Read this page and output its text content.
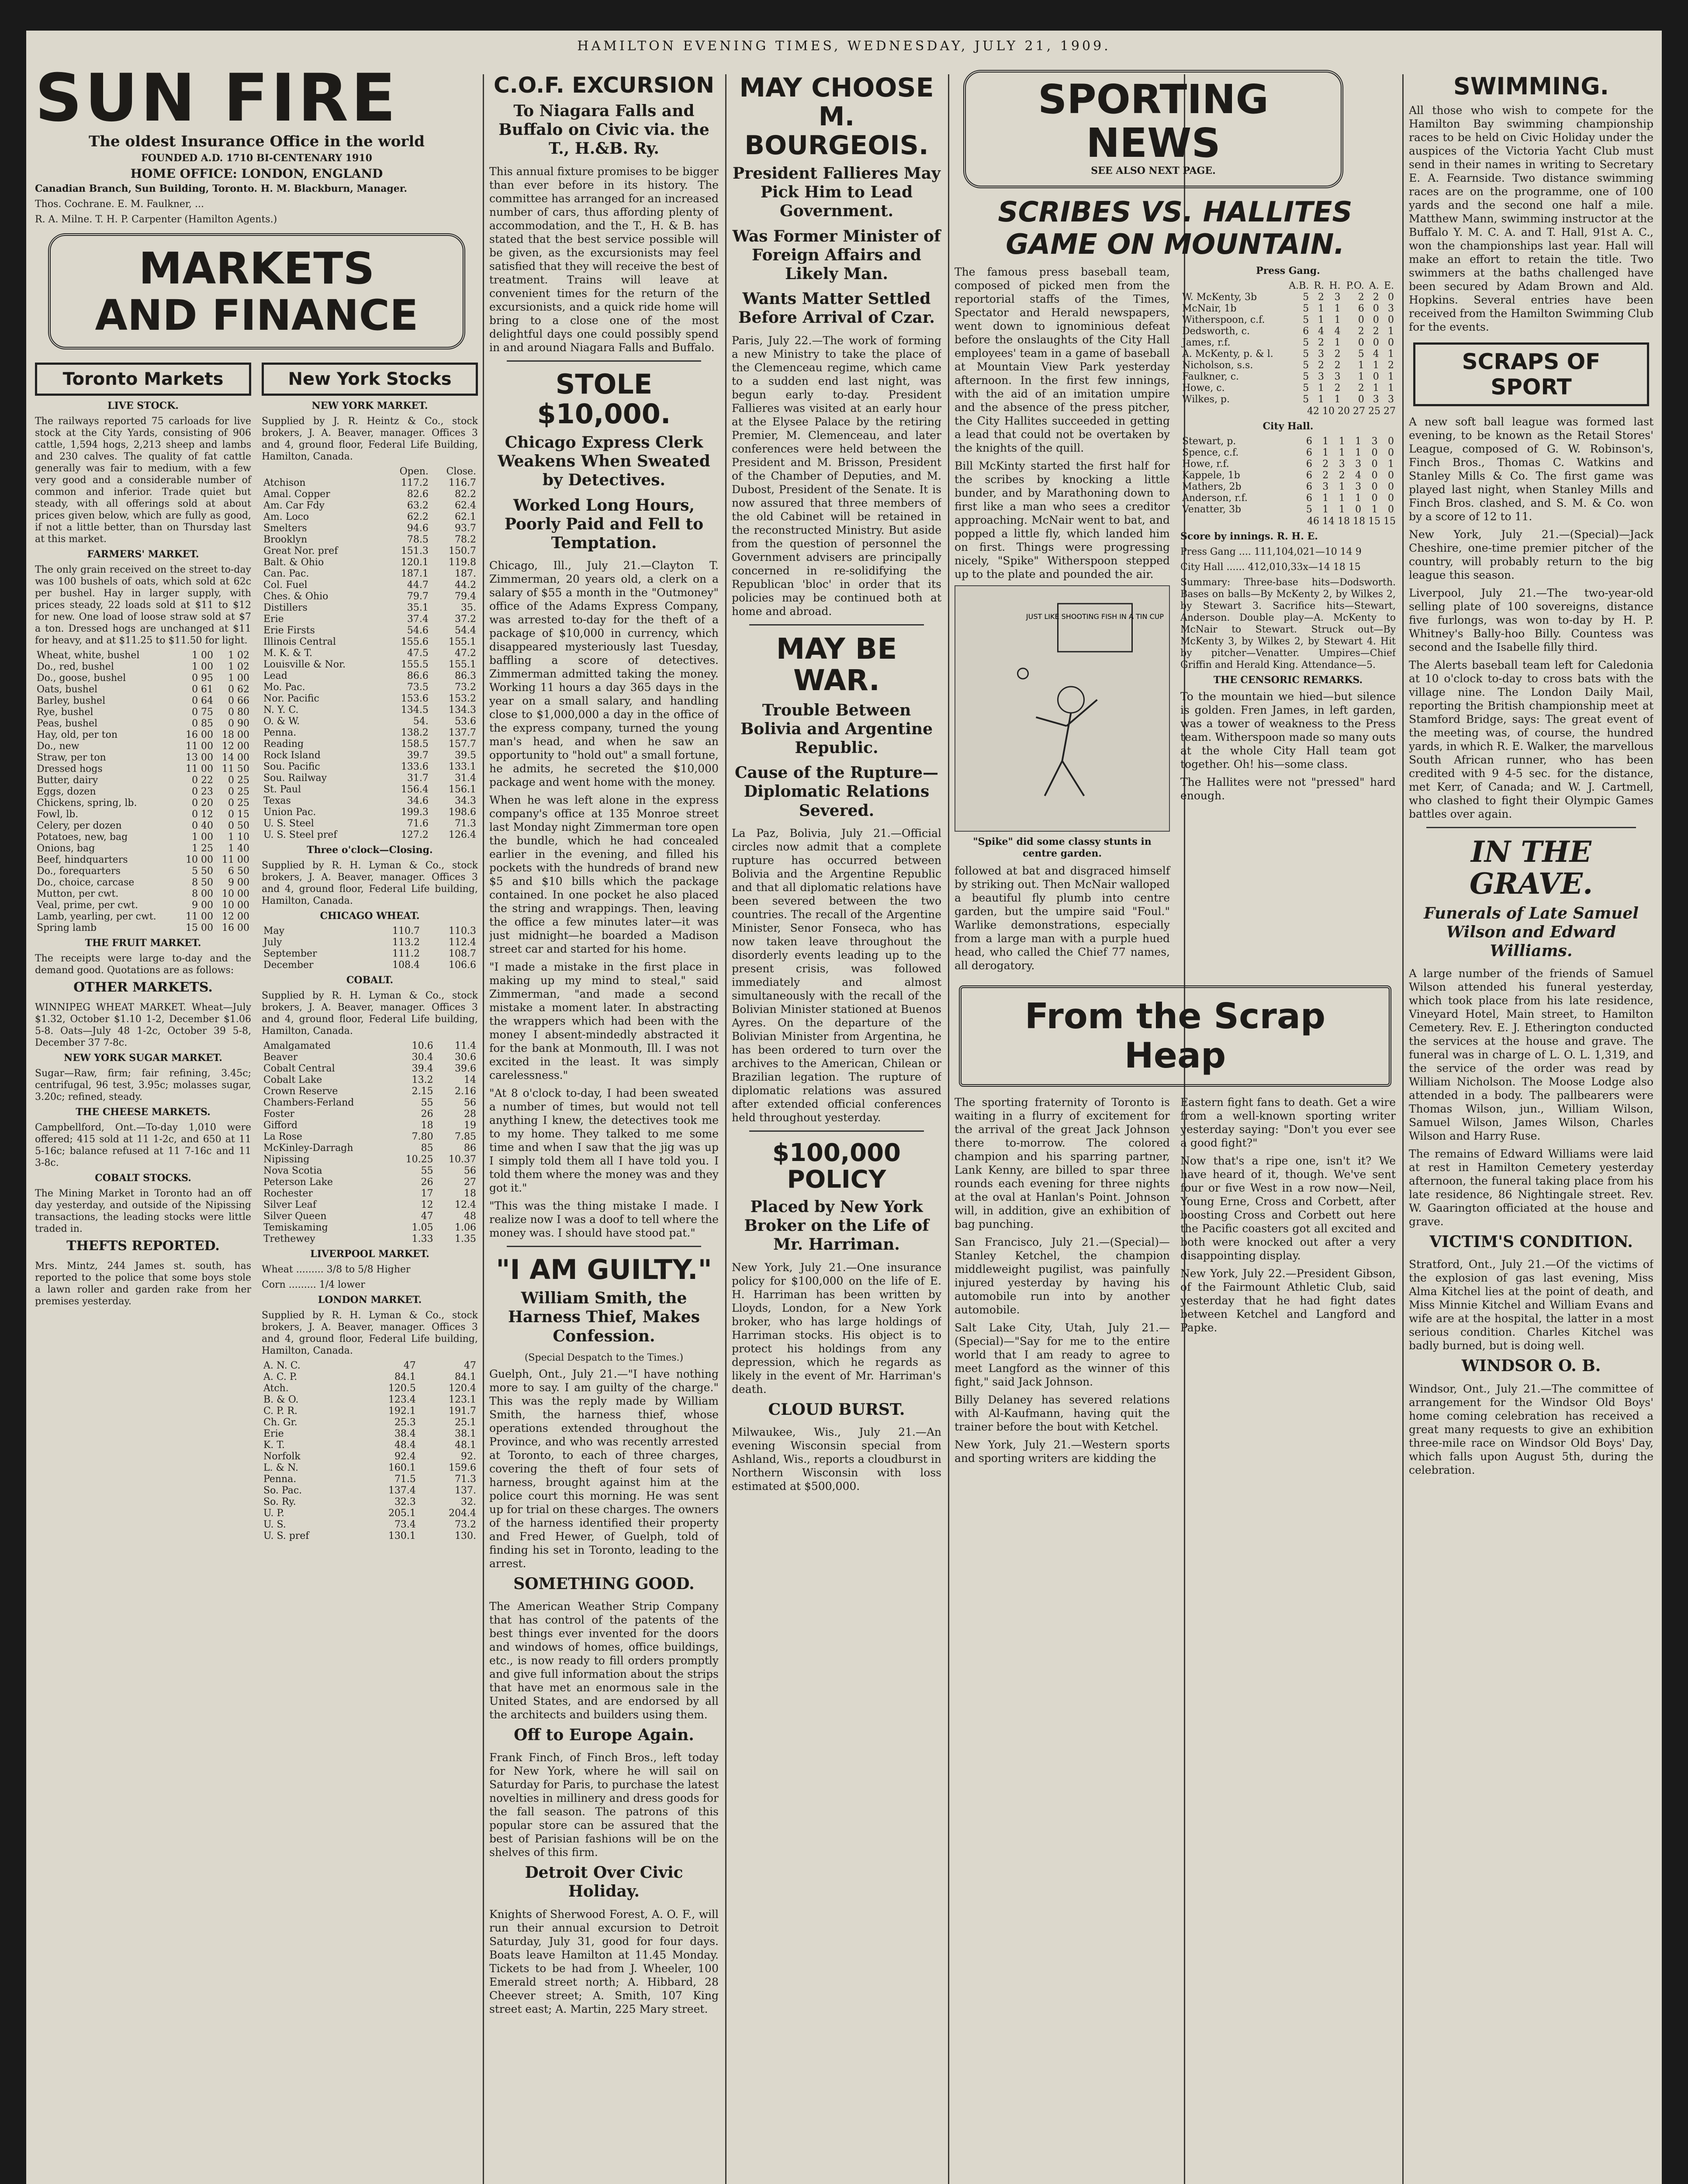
HAMILTON EVENING TIMES, WEDNESDAY, JULY 21, 1909.
SUN FIRE
The oldest Insurance Office in the world
FOUNDED A.D. 1710 BI-CENTENARY 1910
HOME OFFICE: LONDON, ENGLAND
Canadian Branch, Sun Building, Toronto. H. M. Blackburn, Manager.
Thos. Cochrane. E. M. Faulkner, ...
R. A. Milne. T. H. P. Carpenter (Hamilton Agents.)
MARKETS
AND FINANCE
Toronto Markets
LIVE STOCK.

The railways reported 75 carloads for live stock at the City Yards, consisting of 906 cattle, 1,594 hogs, 2,213 sheep and lambs and 230 calves. The quality of fat cattle generally was fair to medium, with a few very good and a considerable number of common and inferior. Trade quiet but steady, with all offerings sold at about prices given below, which are fully as good, if not a little better, than on Thursday last at this market.

FARMERS' MARKET.

The only grain received on the street to-day was 100 bushels of oats, which sold at 62c per bushel. Hay in larger supply, with prices steady, 22 loads sold at $11 to $12 for new. One load of loose straw sold at $7 a ton. Dressed hogs are unchanged at $11 for heavy, and at $11.25 to $11.50 for light.

Wheat, white, bushel	1 00	1 02
Do., red, bushel	1 00	1 02
Do., goose, bushel	0 95	1 00
Oats, bushel	0 61	0 62
Barley, bushel	0 64	0 66
Rye, bushel	0 75	0 80
Peas, bushel	0 85	0 90
Hay, old, per ton	16 00	18 00
Do., new	11 00	12 00
Straw, per ton	13 00	14 00
Dressed hogs	11 00	11 50
Butter, dairy	0 22	0 25
Eggs, dozen	0 23	0 25
Chickens, spring, lb.	0 20	0 25
Fowl, lb.	0 12	0 15
Celery, per dozen	0 40	0 50
Potatoes, new, bag	1 00	1 10
Onions, bag	1 25	1 40
Beef, hindquarters	10 00	11 00
Do., forequarters	5 50	6 50
Do., choice, carcase	8 50	9 00
Mutton, per cwt.	8 00	10 00
Veal, prime, per cwt.	9 00	10 00
Lamb, yearling, per cwt.	11 00	12 00
Spring lamb	15 00	16 00
THE FRUIT MARKET.

The receipts were large to-day and the demand good. Quotations are as follows:

OTHER MARKETS.

WINNIPEG WHEAT MARKET. Wheat—July $1.32, October $1.10 1-2, December $1.06 5-8. Oats—July 48 1-2c, October 39 5-8, December 37 7-8c.

NEW YORK SUGAR MARKET.

Sugar—Raw, firm; fair refining, 3.45c; centrifugal, 96 test, 3.95c; molasses sugar, 3.20c; refined, steady.

THE CHEESE MARKETS.

Campbellford, Ont.—To-day 1,010 were offered; 415 sold at 11 1-2c, and 650 at 11 5-16c; balance refused at 11 7-16c and 11 3-8c.

COBALT STOCKS.

The Mining Market in Toronto had an off day yesterday, and outside of the Nipissing transactions, the leading stocks were little traded in.

THEFTS REPORTED.

Mrs. Mintz, 244 James st. south, has reported to the police that some boys stole a lawn roller and garden rake from her premises yesterday.

New York Stocks
NEW YORK MARKET.

Supplied by J. R. Heintz & Co., stock brokers, J. A. Beaver, manager. Offices 3 and 4, ground floor, Federal Life Building, Hamilton, Canada.

	Open.	Close.
Atchison	117.2	116.7
Amal. Copper	82.6	82.2
Am. Car Fdy	63.2	62.4
Am. Loco	62.2	62.1
Smelters	94.6	93.7
Brooklyn	78.5	78.2
Great Nor. pref	151.3	150.7
Balt. & Ohio	120.1	119.8
Can. Pac.	187.1	187.
Col. Fuel	44.7	44.2
Ches. & Ohio	79.7	79.4
Distillers	35.1	35.
Erie	37.4	37.2
Erie Firsts	54.6	54.4
Illinois Central	155.6	155.1
M. K. & T.	47.5	47.2
Louisville & Nor.	155.5	155.1
Lead	86.6	86.3
Mo. Pac.	73.5	73.2
Nor. Pacific	153.6	153.2
N. Y. C.	134.5	134.3
O. & W.	54.	53.6
Penna.	138.2	137.7
Reading	158.5	157.7
Rock Island	39.7	39.5
Sou. Pacific	133.6	133.1
Sou. Railway	31.7	31.4
St. Paul	156.4	156.1
Texas	34.6	34.3
Union Pac.	199.3	198.6
U. S. Steel	71.6	71.3
U. S. Steel pref	127.2	126.4
Three o'clock—Closing.

Supplied by R. H. Lyman & Co., stock brokers, J. A. Beaver, manager. Offices 3 and 4, ground floor, Federal Life building, Hamilton, Canada.

CHICAGO WHEAT.
May	110.7	110.3
July	113.2	112.4
September	111.2	108.7
December	108.4	106.6
COBALT.

Supplied by R. H. Lyman & Co., stock brokers, J. A. Beaver, manager. Offices 3 and 4, ground floor, Federal Life building, Hamilton, Canada.

Amalgamated	10.6	11.4
Beaver	30.4	30.6
Cobalt Central	39.4	39.6
Cobalt Lake	13.2	14
Crown Reserve	2.15	2.16
Chambers-Ferland	55	56
Foster	26	28
Gifford	18	19
La Rose	7.80	7.85
McKinley-Darragh	85	86
Nipissing	10.25	10.37
Nova Scotia	55	56
Peterson Lake	26	27
Rochester	17	18
Silver Leaf	12	12.4
Silver Queen	47	48
Temiskaming	1.05	1.06
Trethewey	1.33	1.35
LIVERPOOL MARKET.
Wheat ......... 3/8 to 5/8 Higher
Corn ......... 1/4 lower
LONDON MARKET.

Supplied by R. H. Lyman & Co., stock brokers, J. A. Beaver, manager. Offices 3 and 4, ground floor, Federal Life building, Hamilton, Canada.

A. N. C.	47	47
A. C. P.	84.1	84.1
Atch.	120.5	120.4
B. & O.	123.4	123.1
C. P. R.	192.1	191.7
Ch. Gr.	25.3	25.1
Erie	38.4	38.1
K. T.	48.4	48.1
Norfolk	92.4	92.
L. & N.	160.1	159.6
Penna.	71.5	71.3
So. Pac.	137.4	137.
So. Ry.	32.3	32.
U. P.	205.1	204.4
U. S.	73.4	73.2
U. S. pref	130.1	130.
C.O.F. EXCURSION
To Niagara Falls and Buffalo on Civic via. the T., H.&B. Ry.

This annual fixture promises to be bigger than ever before in its history. The committee has arranged for an increased number of cars, thus affording plenty of accommodation, and the T., H. & B. has stated that the best service possible will be given, as the excursionists may feel satisfied that they will receive the best of treatment. Trains will leave at convenient times for the return of the excursionists, and a quick ride home will bring to a close one of the most delightful days one could possibly spend in and around Niagara Falls and Buffalo.

STOLE $10,000.
Chicago Express Clerk Weakens When Sweated by Detectives.
Worked Long Hours, Poorly Paid and Fell to Temptation.

Chicago, Ill., July 21.—Clayton T. Zimmerman, 20 years old, a clerk on a salary of $55 a month in the "Outmoney" office of the Adams Express Company, was arrested to-day for the theft of a package of $10,000 in currency, which disappeared mysteriously last Tuesday, baffling a score of detectives. Zimmerman admitted taking the money. Working 11 hours a day 365 days in the year on a small salary, and handling close to $1,000,000 a day in the office of the express company, turned the young man's head, and when he saw an opportunity to "hold out" a small fortune, he admits, he secreted the $10,000 package and went home with the money.

When he was left alone in the express company's office at 135 Monroe street last Monday night Zimmerman tore open the bundle, which he had concealed earlier in the evening, and filled his pockets with the hundreds of brand new $5 and $10 bills which the package contained. In one pocket he also placed the string and wrappings. Then, leaving the office a few minutes later—it was just midnight—he boarded a Madison street car and started for his home.

"I made a mistake in the first place in making up my mind to steal," said Zimmerman, "and made a second mistake a moment later. In abstracting the wrappers which had been with the money I absent-mindedly abstracted it for the bank at Monmouth, Ill. I was not excited in the least. It was simply carelessness."

"At 8 o'clock to-day, I had been sweated a number of times, but would not tell anything I knew, the detectives took me to my home. They talked to me some time and when I saw that the jig was up I simply told them all I have told you. I told them where the money was and they got it."

"This was the thing mistake I made. I realize now I was a doof to tell where the money was. I should have stood pat."

"I AM GUILTY."
William Smith, the Harness Thief, Makes Confession.
(Special Despatch to the Times.)

Guelph, Ont., July 21.—"I have nothing more to say. I am guilty of the charge." This was the reply made by William Smith, the harness thief, whose operations extended throughout the Province, and who was recently arrested at Toronto, to each of three charges, covering the theft of four sets of harness, brought against him at the police court this morning. He was sent up for trial on these charges. The owners of the harness identified their property and Fred Hewer, of Guelph, told of finding his set in Toronto, leading to the arrest.

SOMETHING GOOD.

The American Weather Strip Company that has control of the patents of the best things ever invented for the doors and windows of homes, office buildings, etc., is now ready to fill orders promptly and give full information about the strips that have met an enormous sale in the United States, and are endorsed by all the architects and builders using them.

Off to Europe Again.

Frank Finch, of Finch Bros., left today for New York, where he will sail on Saturday for Paris, to purchase the latest novelties in millinery and dress goods for the fall season. The patrons of this popular store can be assured that the best of Parisian fashions will be on the shelves of this firm.

Detroit Over Civic Holiday.

Knights of Sherwood Forest, A. O. F., will run their annual excursion to Detroit Saturday, July 31, good for four days. Boats leave Hamilton at 11.45 Monday. Tickets to be had from J. Wheeler, 100 Emerald street north; A. Hibbard, 28 Cheever street; A. Smith, 107 King street east; A. Martin, 225 Mary street.

MAY CHOOSE M. BOURGEOIS.
President Fallieres May Pick Him to Lead Government.
Was Former Minister of Foreign Affairs and Likely Man.
Wants Matter Settled Before Arrival of Czar.

Paris, July 22.—The work of forming a new Ministry to take the place of the Clemenceau regime, which came to a sudden end last night, was begun early to-day. President Fallieres was visited at an early hour at the Elysee Palace by the retiring Premier, M. Clemenceau, and later conferences were held between the President and M. Brisson, President of the Chamber of Deputies, and M. Dubost, President of the Senate. It is now assured that three members of the old Cabinet will be retained in the reconstructed Ministry. But aside from the question of personnel the Government advisers are principally concerned in re-solidifying the Republican 'bloc' in order that its policies may be continued both at home and abroad.

MAY BE WAR.
Trouble Between Bolivia and Argentine Republic.
Cause of the Rupture—Diplomatic Relations Severed.

La Paz, Bolivia, July 21.—Official circles now admit that a complete rupture has occurred between Bolivia and the Argentine Republic and that all diplomatic relations have been severed between the two countries. The recall of the Argentine Minister, Senor Fonseca, who has now taken leave throughout the disorderly events leading up to the present crisis, was followed immediately and almost simultaneously with the recall of the Bolivian Minister stationed at Buenos Ayres. On the departure of the Bolivian Minister from Argentina, he has been ordered to turn over the archives to the American, Chilean or Brazilian legation. The rupture of diplomatic relations was assured after extended official conferences held throughout yesterday.

$100,000 POLICY
Placed by New York Broker on the Life of Mr. Harriman.

New York, July 21.—One insurance policy for $100,000 on the life of E. H. Harriman has been written by Lloyds, London, for a New York broker, who has large holdings of Harriman stocks. His object is to protect his holdings from any depression, which he regards as likely in the event of Mr. Harriman's death.

CLOUD BURST.

Milwaukee, Wis., July 21.—An evening Wisconsin special from Ashland, Wis., reports a cloudburst in Northern Wisconsin with loss estimated at $500,000.

SPORTING NEWS
SEE ALSO NEXT PAGE.
SCRIBES VS. HALLITES GAME ON MOUNTAIN.

The famous press baseball team, composed of picked men from the reportorial staffs of the Times, Spectator and Herald newspapers, went down to ignominious defeat before the onslaughts of the City Hall employees' team in a game of baseball at Mountain View Park yesterday afternoon. In the first few innings, with the aid of an imitation umpire and the absence of the press pitcher, the City Hallites succeeded in getting a lead that could not be overtaken by the knights of the quill.

Bill McKinty started the first half for the scribes by knocking a little bunder, and by Marathoning down to first like a man who sees a creditor approaching. McNair went to bat, and popped a little fly, which landed him on first. Things were progressing nicely, "Spike" Witherspoon stepped up to the plate and pounded the air.

JUST LIKE SHOOTING FISH IN A TIN CUP
"Spike" did some classy stunts in centre garden.

followed at bat and disgraced himself by striking out. Then McNair walloped a beautiful fly plumb into centre garden, but the umpire said "Foul." Warlike demonstrations, especially from a large man with a purple hued head, who called the Chief 77 names, all derogatory.

Press Gang.
	A.B.	R.	H.	P.O.	A.	E.
W. McKenty, 3b	5	2	3	2	2	0
McNair, 1b	5	1	1	6	0	3
Witherspoon, c.f.	5	1	1	0	0	0
Dedsworth, c.	6	4	4	2	2	1
James, r.f.	5	2	1	0	0	0
A. McKenty, p. & l.	5	3	2	5	4	1
Nicholson, s.s.	5	2	2	1	1	2
Faulkner, c.	5	3	3	1	0	1
Howe, c.	5	1	2	2	1	1
Wilkes, p.	5	1	1	0	3	3
42 10 20 27 25 27
City Hall.
Stewart, p.	6	1	1	1	3	0
Spence, c.f.	6	1	1	1	0	0
Howe, r.f.	6	2	3	3	0	1
Kappele, 1b	6	2	2	4	0	0
Mathers, 2b	6	3	1	3	0	0
Anderson, r.f.	6	1	1	1	0	0
Venatter, 3b	5	1	1	0	1	0
46 14 18 18 15 15
Score by innings. R. H. E.
Press Gang .... 111,104,021—10 14 9
City Hall ...... 412,010,33x—14 18 15

Summary: Three-base hits—Dodsworth. Bases on balls—By McKenty 2, by Wilkes 2, by Stewart 3. Sacrifice hits—Stewart, Anderson. Double play—A. McKenty to McNair to Stewart. Struck out—By McKenty 3, by Wilkes 2, by Stewart 4. Hit by pitcher—Venatter. Umpires—Chief Griffin and Herald King. Attendance—5.

THE CENSORIC REMARKS.

To the mountain we hied—but silence is golden. Fren James, in left garden, was a tower of weakness to the Press team. Witherspoon made so many outs at the whole City Hall team got together. Oh! his—some class.

The Hallites were not "pressed" hard enough.

From the Scrap Heap

The sporting fraternity of Toronto is waiting in a flurry of excitement for the arrival of the great Jack Johnson there to-morrow. The colored champion and his sparring partner, Lank Kenny, are billed to spar three rounds each evening for three nights at the oval at Hanlan's Point. Johnson will, in addition, give an exhibition of bag punching.

San Francisco, July 21.—(Special)—Stanley Ketchel, the champion middleweight pugilist, was painfully injured yesterday by having his automobile run into by another automobile.

Salt Lake City, Utah, July 21.—(Special)—"Say for me to the entire world that I am ready to agree to meet Langford as the winner of this fight," said Jack Johnson.

Billy Delaney has severed relations with Al-Kaufmann, having quit the trainer before the bout with Ketchel.

New York, July 21.—Western sports and sporting writers are kidding the

Eastern fight fans to death. Get a wire from a well-known sporting writer yesterday saying: "Don't you ever see a good fight?"

Now that's a ripe one, isn't it? We have heard of it, though. We've sent four or five West in a row now—Neil, Young Erne, Cross and Corbett, after boosting Cross and Corbett out here the Pacific coasters got all excited and both were knocked out after a very disappointing display.

New York, July 22.—President Gibson, of the Fairmount Athletic Club, said yesterday that he had fight dates between Ketchel and Langford and Papke.

SWIMMING.

All those who wish to compete for the Hamilton Bay swimming championship races to be held on Civic Holiday under the auspices of the Victoria Yacht Club must send in their names in writing to Secretary E. A. Fearnside. Two distance swimming races are on the programme, one of 100 yards and the second one half a mile. Matthew Mann, swimming instructor at the Buffalo Y. M. C. A. and T. Hall, 91st A. C., won the championships last year. Hall will make an effort to retain the title. Two swimmers at the baths challenged have been secured by Adam Brown and Ald. Hopkins. Several entries have been received from the Hamilton Swimming Club for the events.

SCRAPS OF SPORT

A new soft ball league was formed last evening, to be known as the Retail Stores' League, composed of G. W. Robinson's, Finch Bros., Thomas C. Watkins and Stanley Mills & Co. The first game was played last night, when Stanley Mills and Finch Bros. clashed, and S. M. & Co. won by a score of 12 to 11.

New York, July 21.—(Special)—Jack Cheshire, one-time premier pitcher of the country, will probably return to the big league this season.

Liverpool, July 21.—The two-year-old selling plate of 100 sovereigns, distance five furlongs, was won to-day by H. P. Whitney's Bally-hoo Billy. Countess was second and the Isabelle filly third.

The Alerts baseball team left for Caledonia at 10 o'clock to-day to cross bats with the village nine. The London Daily Mail, reporting the British championship meet at Stamford Bridge, says: The great event of the meeting was, of course, the hundred yards, in which R. E. Walker, the marvellous South African runner, who has been credited with 9 4-5 sec. for the distance, met Kerr, of Canada; and W. J. Cartmell, who clashed to fight their Olympic Games battles over again.

IN THE GRAVE.
Funerals of Late Samuel Wilson and Edward Williams.

A large number of the friends of Samuel Wilson attended his funeral yesterday, which took place from his late residence, Vineyard Hotel, Main street, to Hamilton Cemetery. Rev. E. J. Etherington conducted the services at the house and grave. The funeral was in charge of L. O. L. 1,319, and the service of the order was read by William Nicholson. The Moose Lodge also attended in a body. The pallbearers were Thomas Wilson, jun., William Wilson, Samuel Wilson, James Wilson, Charles Wilson and Harry Ruse.

The remains of Edward Williams were laid at rest in Hamilton Cemetery yesterday afternoon, the funeral taking place from his late residence, 86 Nightingale street. Rev. W. Gaarington officiated at the house and grave.

VICTIM'S CONDITION.

Stratford, Ont., July 21.—Of the victims of the explosion of gas last evening, Miss Alma Kitchel lies at the point of death, and Miss Minnie Kitchel and William Evans and wife are at the hospital, the latter in a most serious condition. Charles Kitchel was badly burned, but is doing well.

WINDSOR O. B.

Windsor, Ont., July 21.—The committee of arrangement for the Windsor Old Boys' home coming celebration has received a great many requests to give an exhibition three-mile race on Windsor Old Boys' Day, which falls upon August 5th, during the celebration.
